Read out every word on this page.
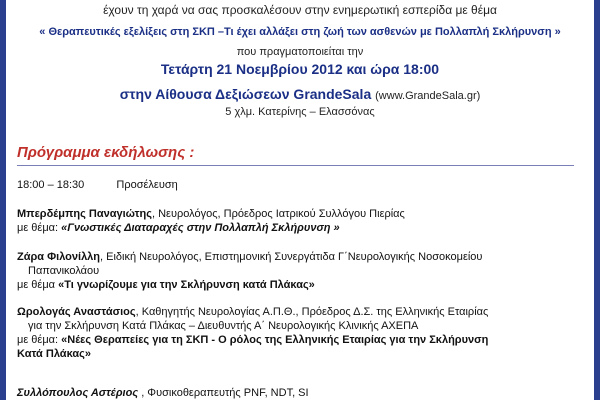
έχουν τη χαρά να σας προσκαλέσουν στην ενημερωτική εσπερίδα με θέμα
« Θεραπευτικές εξελίξεις στη ΣΚΠ –Τι έχει αλλάξει στη ζωή των ασθενών με Πολλαπλή Σκλήρυνση »
που πραγματοποιείται την
Τετάρτη 21 Νοεμβρίου 2012 και ώρα 18:00
στην Αίθουσα Δεξιώσεων GrandeSala (www.GrandeSala.gr)
5 χλμ. Κατερίνης – Ελασσόνας
Πρόγραμμα εκδήλωσης :
18:00 – 18:30	Προσέλευση
Μπερδέμπης Παναγιώτης, Νευρολόγος, Πρόεδρος Ιατρικού Συλλόγου Πιερίας
με θέμα: «Γνωστικές Διαταραχές στην Πολλαπλή Σκλήρυνση »
Ζάρα Φιλονίλλη, Ειδική Νευρολόγος, Επιστημονική Συνεργάτιδα Γ΄Νευρολογικής Νοσοκομείου
Παπανικολάου
με θέμα «Τι γνωρίζουμε για την Σκλήρυνση κατά Πλάκας»
Ωρολογάς Αναστάσιος, Καθηγητής Νευρολογίας Α.Π.Θ., Πρόεδρος Δ.Σ. της Ελληνικής Εταιρίας
για την Σκλήρυνση Κατά Πλάκας – Διευθυντής Α΄ Νευρολογικής Κλινικής ΑΧΕΠΑ
με θέμα: «Νέες Θεραπείες για τη ΣΚΠ - Ο ρόλος της Ελληνικής Εταιρίας για την Σκλήρυνση
Κατά Πλάκας»
Συλλόπουλος Αστέριος , Φυσικοθεραπευτής PNF, NDT, SI
